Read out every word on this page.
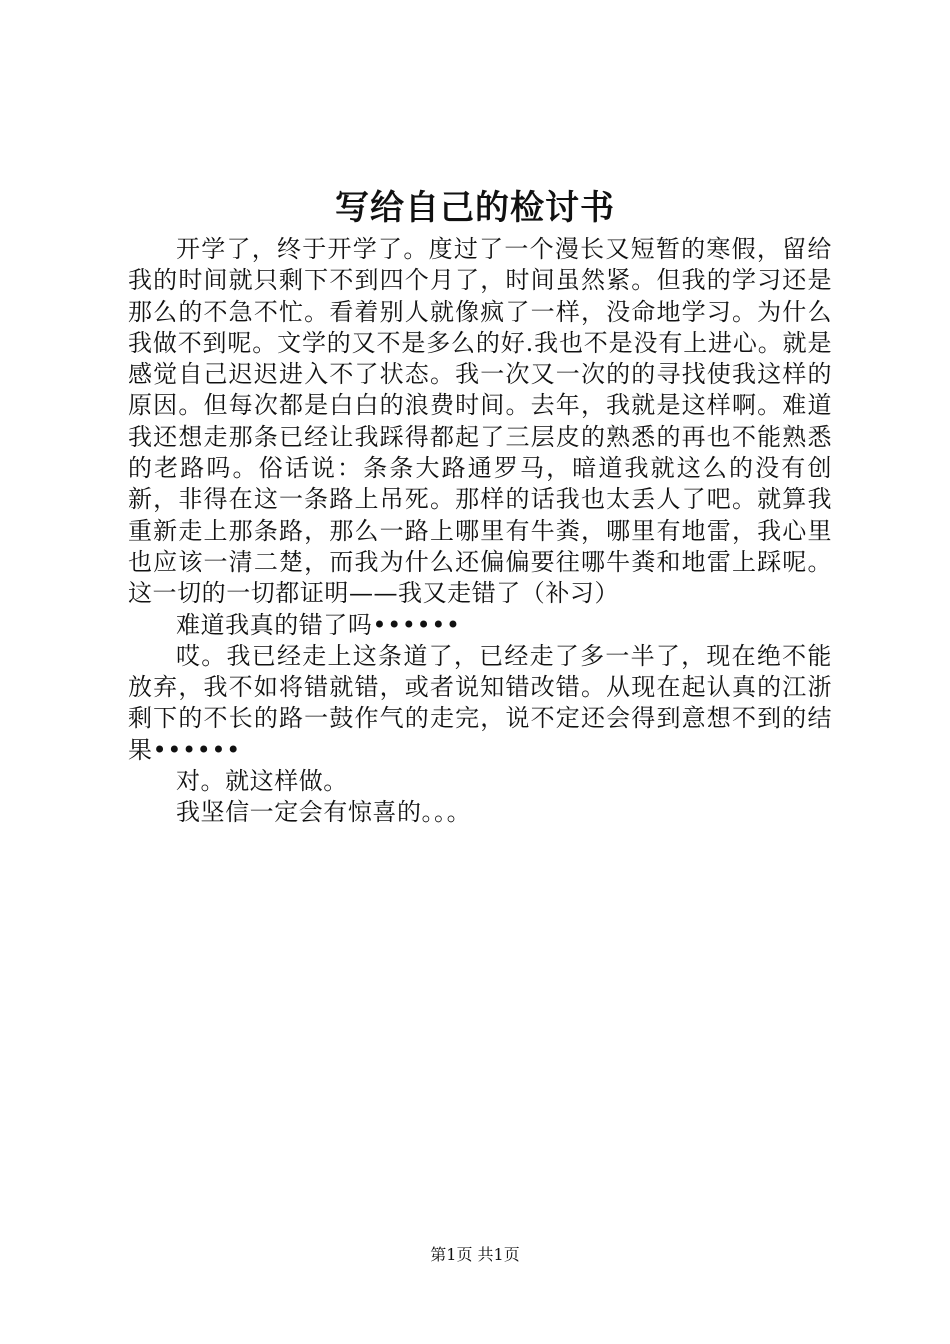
写给自己的检讨书

开学了，终于开学了。度过了一个漫长又短暂的寒假，留给我的时间就只剩下不到四个月了，时间虽然紧。但我的学习还是那么的不急不忙。看着别人就像疯了一样，没命地学习。为什么我做不到呢。文学的又不是多么的好.我也不是没有上进心。就是感觉自己迟迟进入不了状态。我一次又一次的的寻找使我这样的原因。但每次都是白白的浪费时间。去年，我就是这样啊。难道我还想走那条已经让我踩得都起了三层皮的熟悉的再也不能熟悉的老路吗。俗话说：条条大路通罗马，暗道我就这么的没有创新，非得在这一条路上吊死。那样的话我也太丢人了吧。就算我重新走上那条路，那么一路上哪里有牛粪，哪里有地雷，我心里也应该一清二楚，而我为什么还偏偏要往哪牛粪和地雷上踩呢。这一切的一切都证明——我又走错了（补习）

难道我真的错了吗••••••

哎。我已经走上这条道了，已经走了多一半了，现在绝不能放弃，我不如将错就错，或者说知错改错。从现在起认真的江浙剩下的不长的路一鼓作气的走完，说不定还会得到意想不到的结果••••••

对。就这样做。

我坚信一定会有惊喜的。。。

第1页 共1页
